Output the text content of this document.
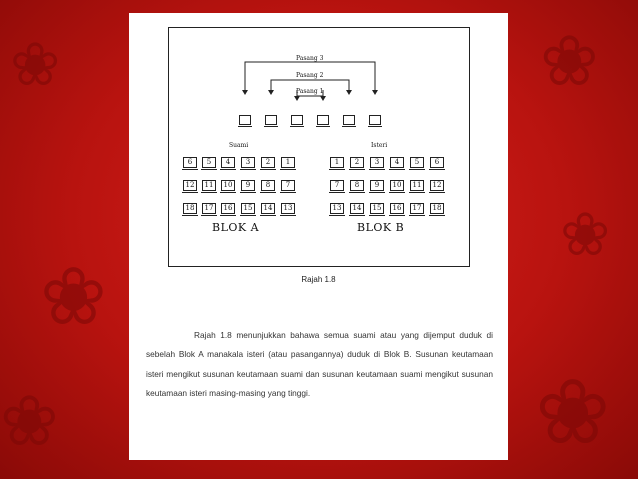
❀
❀
❀
❀
❀
❀
Pasang 3
Pasang 2
Pasang 1
Suami	Isteri
6	5	4	3	2	1
12	11	10	9	8	7
18	17	16	15	14	13
1	2	3	4	5	6
7	8	9	10	11	12
13	14	15	16	17	18
BLOK A	BLOK B
Rajah 1.8

Rajah 1.8 menunjukkan bahawa semua suami atau yang dijemput duduk di sebelah Blok A manakala isteri (atau pasangannya) duduk di Blok B. Susunan keutamaan isteri mengikut susunan keutamaan suami dan susunan keutamaan suami mengikut susunan keutamaan isteri masing-masing yang tinggi.
